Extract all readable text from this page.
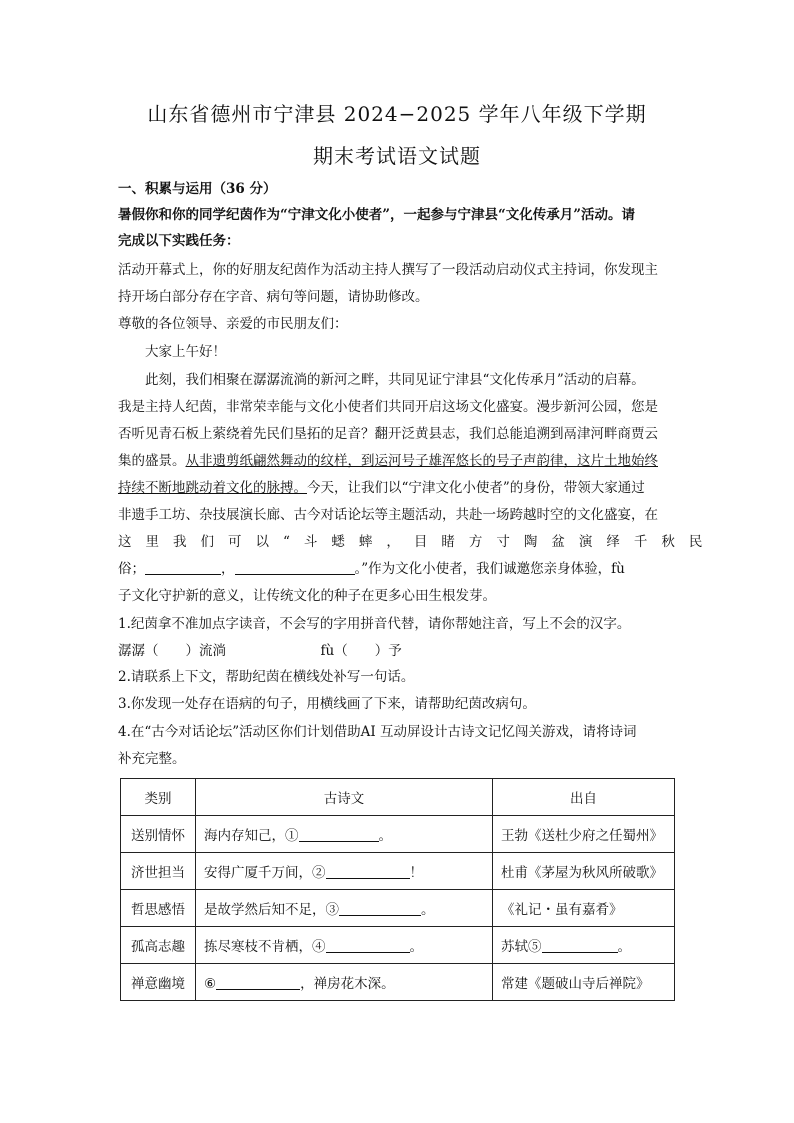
山东省德州市宁津县 2024−2025 学年八年级下学期
期末考试语文试题
一、积累与运用（36 分）
暑假你和你的同学纪茵作为“宁津文化小使者”，一起参与宁津县“文化传承月”活动。请
完成以下实践任务：
活动开幕式上，你的好朋友纪茵作为活动主持人撰写了一段活动启动仪式主持词，你发现主
持开场白部分存在字音、病句等问题，请协助修改。
尊敬的各位领导、亲爱的市民朋友们：
大家上午好！
此刻，我们相聚在潺潺流淌的新河之畔，共同见证宁津县“文化传承月”活动的启幕。
我是主持人纪茵，非常荣幸能与文化小使者们共同开启这场文化盛宴。漫步新河公园，您是
否听见青石板上萦绕着先民们垦拓的足音？翻开泛黄县志，我们总能追溯到鬲津河畔商贾云
集的盛景。从非遗剪纸翩然舞动的纹样，到运河号子雄浑悠长的号子声韵律，这片土地始终
持续不断地跳动着文化的脉搏。今天，让我们以“宁津文化小使者”的身份，带领大家通过
非遗手工坊、杂技展演长廊、古今对话论坛等主题活动，共赴一场跨越时空的文化盛宴，在
这里我们可以“斗蟋蟀，目睹方寸陶盆演绎千秋民
俗；	，	。”作为文化小使者，我们诚邀您亲身体验，fù
子文化守护新的意义，让传统文化的种子在更多心田生根发芽。
1.纪茵拿不准加点字读音，不会写的字用拼音代替，请你帮她注音，写上不会的汉字。
潺潺（　　）流淌　　　　　　　fù（　　）予
2.请联系上下文，帮助纪茵在横线处补写一句话。
3.你发现一处存在语病的句子，用横线画了下来，请帮助纪茵改病句。
4.在“古今对话论坛”活动区你们计划借助AI 互动屏设计古诗文记忆闯关游戏，请将诗词
补充完整。
类别	古诗文	出自
送别情怀	海内存知己，① 。	王勃《送杜少府之任蜀州》
济世担当	安得广厦千万间，② ！	杜甫《茅屋为秋风所破歌》
哲思感悟	是故学然后知不足，③ 。	《礼记・虽有嘉肴》
孤高志趣	拣尽寒枝不肯栖，④ 。	苏轼⑤ 。
禅意幽境	⑥ ，禅房花木深。	常建《题破山寺后禅院》
